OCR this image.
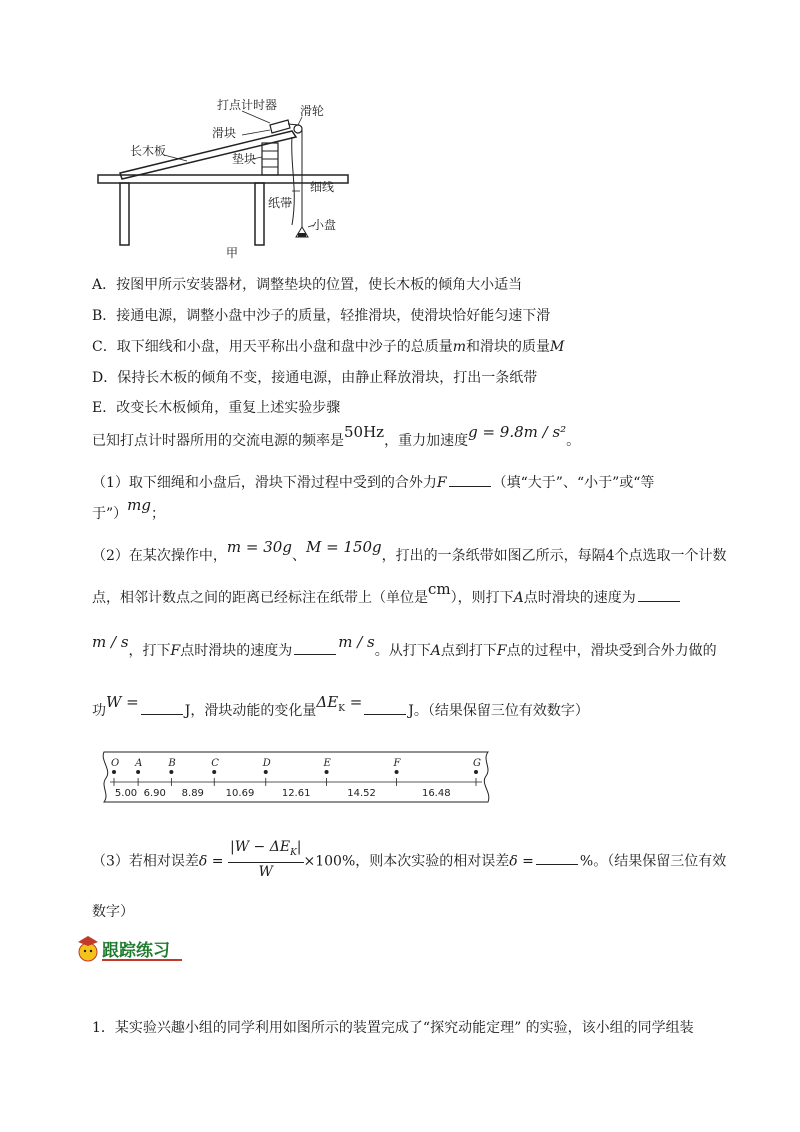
打点计时器 滑轮
滑块
长木板
垫块
细线
纸带
小盘
甲
A．按图甲所示安装器材，调整垫块的位置，使长木板的倾角大小适当
B．接通电源，调整小盘中沙子的质量，轻推滑块，使滑块恰好能匀速下滑
C．取下细线和小盘，用天平称出小盘和盘中沙子的总质量m和滑块的质量M
D．保持长木板的倾角不变，接通电源，由静止释放滑块，打出一条纸带
E．改变长木板倾角，重复上述实验步骤
已知打点计时器所用的交流电源的频率是50Hz，重力加速度g = 9.8m / s²。
（1）取下细绳和小盘后，滑块下滑过程中受到的合外力F	（填“大于”、“小于”或“等
于”）mg；
（2）在某次操作中，m = 30g、M = 150g，打出的一条纸带如图乙所示，每隔4个点选取一个计数
点，相邻计数点之间的距离已经标注在纸带上（单位是cm），则打下A点时滑块的速度为
m / s，打下F点时滑块的速度为	m / s。从打下A点到打下F点的过程中，滑块受到合外力做的
功W =	J，滑块动能的变化量$\Delta E_K$ =	J。（结果保留三位有效数字）
O A	B	C	D	E	F	G
5.00 6.90 8.89 10.69	12.61	14.52	16.48
（3）若相对误差$\delta = \frac{|W - \Delta E_K|}{W} \times 100\%$，则本次实验的相对误差δ =	%。（结果保留三位有效
数字）
跟踪练习
1．某实验兴趣小组的同学利用如图所示的装置完成了“探究动能定理” 的实验，该小组的同学组装
